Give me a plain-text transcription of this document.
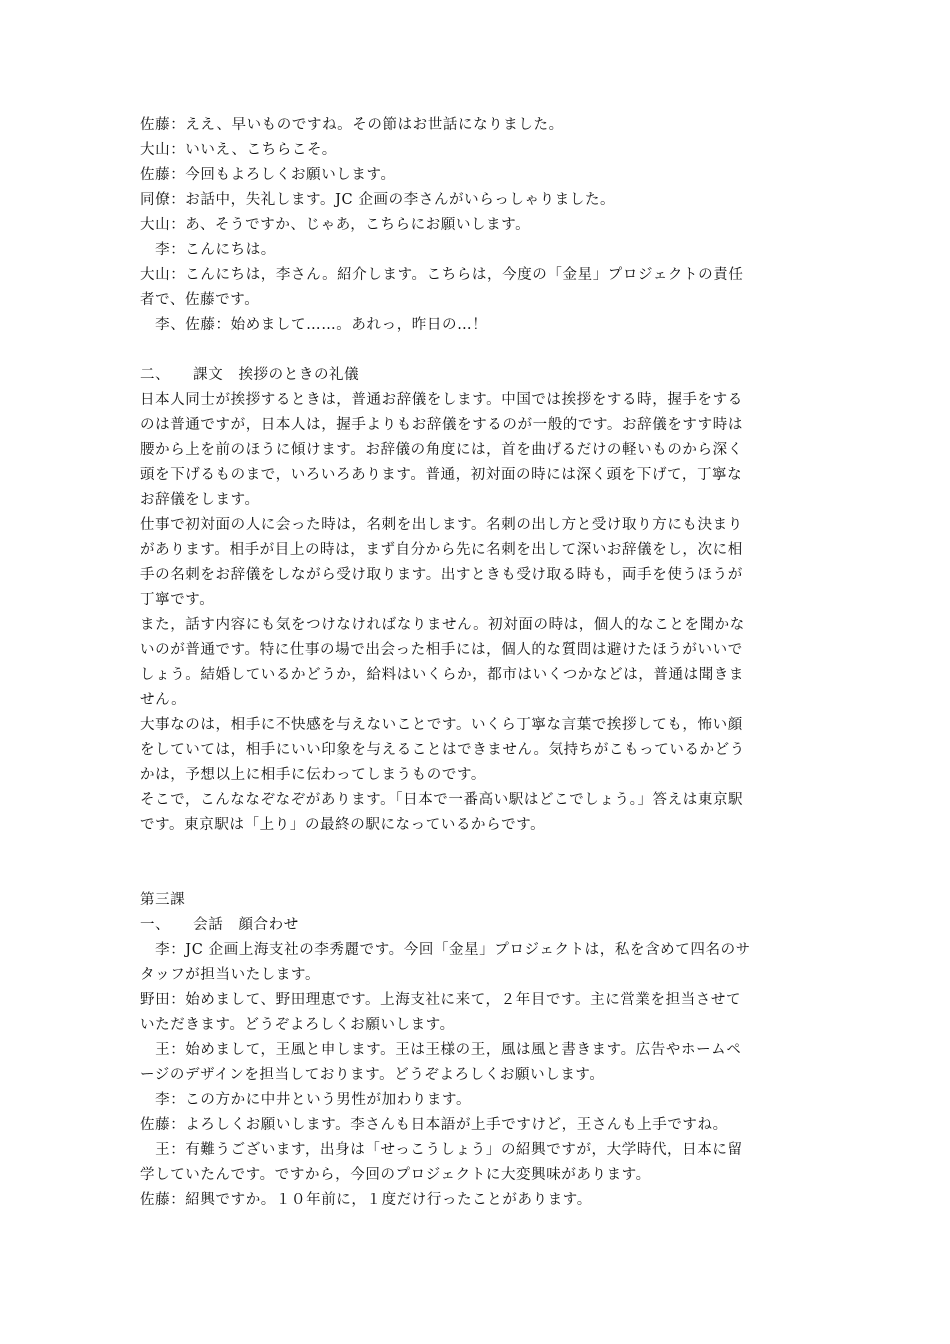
佐藤：ええ、早いものですね。その節はお世話になりました。
大山：いいえ、こちらこそ。
佐藤：今回もよろしくお願いします。
同僚：お話中，失礼します。JC 企画の李さんがいらっしゃりました。
大山：あ、そうですか、じゃあ，こちらにお願いします。
　李：こんにちは。
大山：こんにちは，李さん。紹介します。こちらは，今度の「金星」プロジェクトの責任
者で、佐藤です。
　李、佐藤：始めまして……。あれっ，昨日の…！
二、　　課文　挨拶のときの礼儀
日本人同士が挨拶するときは，普通お辞儀をします。中国では挨拶をする時，握手をする
のは普通ですが，日本人は，握手よりもお辞儀をするのが一般的です。お辞儀をすす時は
腰から上を前のほうに傾けます。お辞儀の角度には，首を曲げるだけの軽いものから深く
頭を下げるものまで，いろいろあります。普通，初対面の時には深く頭を下げて，丁寧な
お辞儀をします。
仕事で初対面の人に会った時は，名刺を出します。名刺の出し方と受け取り方にも決まり
があります。相手が目上の時は，まず自分から先に名刺を出して深いお辞儀をし，次に相
手の名刺をお辞儀をしながら受け取ります。出すときも受け取る時も，両手を使うほうが
丁寧です。
また，話す内容にも気をつけなければなりません。初対面の時は，個人的なことを聞かな
いのが普通です。特に仕事の場で出会った相手には，個人的な質問は避けたほうがいいで
しょう。結婚しているかどうか，給料はいくらか，都市はいくつかなどは，普通は聞きま
せん。
大事なのは，相手に不快感を与えないことです。いくら丁寧な言葉で挨拶しても，怖い顔
をしていては，相手にいい印象を与えることはできません。気持ちがこもっているかどう
かは，予想以上に相手に伝わってしまうものです。
そこで，こんななぞなぞがあります。「日本で一番高い駅はどこでしょう。」答えは東京駅
です。東京駅は「上り」の最終の駅になっているからです。
第三課
一、　　会話　顔合わせ
　李：JC 企画上海支社の李秀麗です。今回「金星」プロジェクトは，私を含めて四名のサ
タッフが担当いたします。
野田：始めまして、野田理恵です。上海支社に来て，２年目です。主に営業を担当させて
いただきます。どうぞよろしくお願いします。
　王：始めまして，王風と申します。王は王様の王，風は風と書きます。広告やホームペ
ージのデザインを担当しております。どうぞよろしくお願いします。
　李：この方かに中井という男性が加わります。
佐藤：よろしくお願いします。李さんも日本語が上手ですけど，王さんも上手ですね。
　王：有難うございます，出身は「せっこうしょう」の紹興ですが，大学時代，日本に留
学していたんです。ですから，今回のプロジェクトに大変興味があります。
佐藤：紹興ですか。１０年前に，１度だけ行ったことがあります。
